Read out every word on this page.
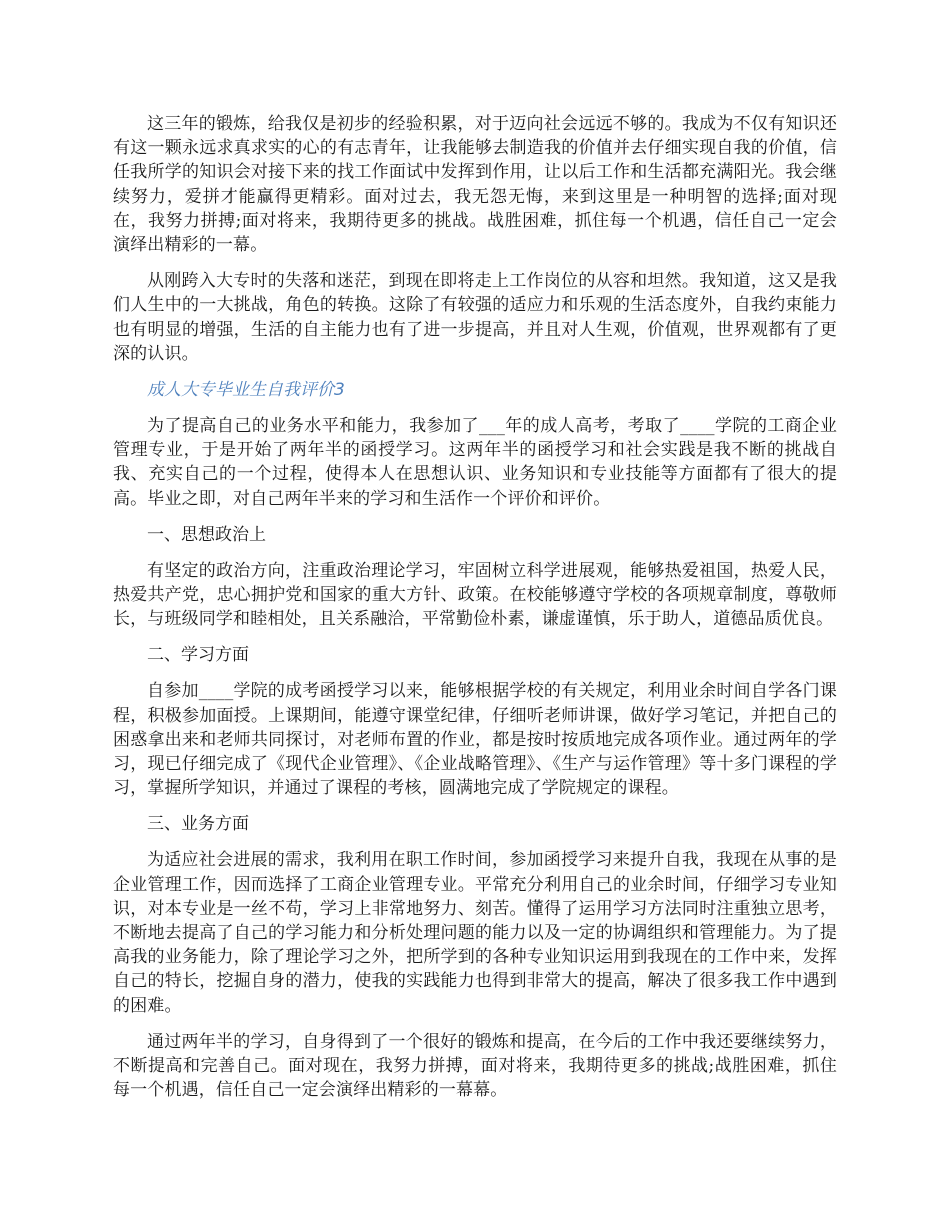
这三年的锻炼，给我仅是初步的经验积累，对于迈向社会远远不够的。我成为不仅有知识还有这一颗永远求真求实的心的有志青年，让我能够去制造我的价值并去仔细实现自我的价值，信任我所学的知识会对接下来的找工作面试中发挥到作用，让以后工作和生活都充满阳光。我会继续努力，爱拼才能赢得更精彩。面对过去，我无怨无悔，来到这里是一种明智的选择;面对现在，我努力拼搏;面对将来，我期待更多的挑战。战胜困难，抓住每一个机遇，信任自己一定会演绎出精彩的一幕。

从刚跨入大专时的失落和迷茫，到现在即将走上工作岗位的从容和坦然。我知道，这又是我们人生中的一大挑战，角色的转换。这除了有较强的适应力和乐观的生活态度外，自我约束能力也有明显的增强，生活的自主能力也有了进一步提高，并且对人生观，价值观，世界观都有了更深的认识。

成人大专毕业生自我评价3

为了提高自己的业务水平和能力，我参加了___年的成人高考，考取了____学院的工商企业管理专业，于是开始了两年半的函授学习。这两年半的函授学习和社会实践是我不断的挑战自我、充实自己的一个过程，使得本人在思想认识、业务知识和专业技能等方面都有了很大的提高。毕业之即，对自己两年半来的学习和生活作一个评价和评价。

一、思想政治上

有坚定的政治方向，注重政治理论学习，牢固树立科学进展观，能够热爱祖国，热爱人民，热爱共产党，忠心拥护党和国家的重大方针、政策。在校能够遵守学校的各项规章制度，尊敬师长，与班级同学和睦相处，且关系融洽，平常勤俭朴素，谦虚谨慎，乐于助人，道德品质优良。

二、学习方面

自参加____学院的成考函授学习以来，能够根据学校的有关规定，利用业余时间自学各门课程，积极参加面授。上课期间，能遵守课堂纪律，仔细听老师讲课，做好学习笔记，并把自己的困惑拿出来和老师共同探讨，对老师布置的作业，都是按时按质地完成各项作业。通过两年的学习，现已仔细完成了《现代企业管理》、《企业战略管理》、《生产与运作管理》等十多门课程的学习，掌握所学知识，并通过了课程的考核，圆满地完成了学院规定的课程。

三、业务方面

为适应社会进展的需求，我利用在职工作时间，参加函授学习来提升自我，我现在从事的是企业管理工作，因而选择了工商企业管理专业。平常充分利用自己的业余时间，仔细学习专业知识，对本专业是一丝不苟，学习上非常地努力、刻苦。懂得了运用学习方法同时注重独立思考，不断地去提高了自己的学习能力和分析处理问题的能力以及一定的协调组织和管理能力。为了提高我的业务能力，除了理论学习之外，把所学到的各种专业知识运用到我现在的工作中来，发挥自己的特长，挖掘自身的潜力，使我的实践能力也得到非常大的提高，解决了很多我工作中遇到的困难。

通过两年半的学习，自身得到了一个很好的锻炼和提高，在今后的工作中我还要继续努力，不断提高和完善自己。面对现在，我努力拼搏，面对将来，我期待更多的挑战;战胜困难，抓住每一个机遇，信任自己一定会演绎出精彩的一幕幕。
